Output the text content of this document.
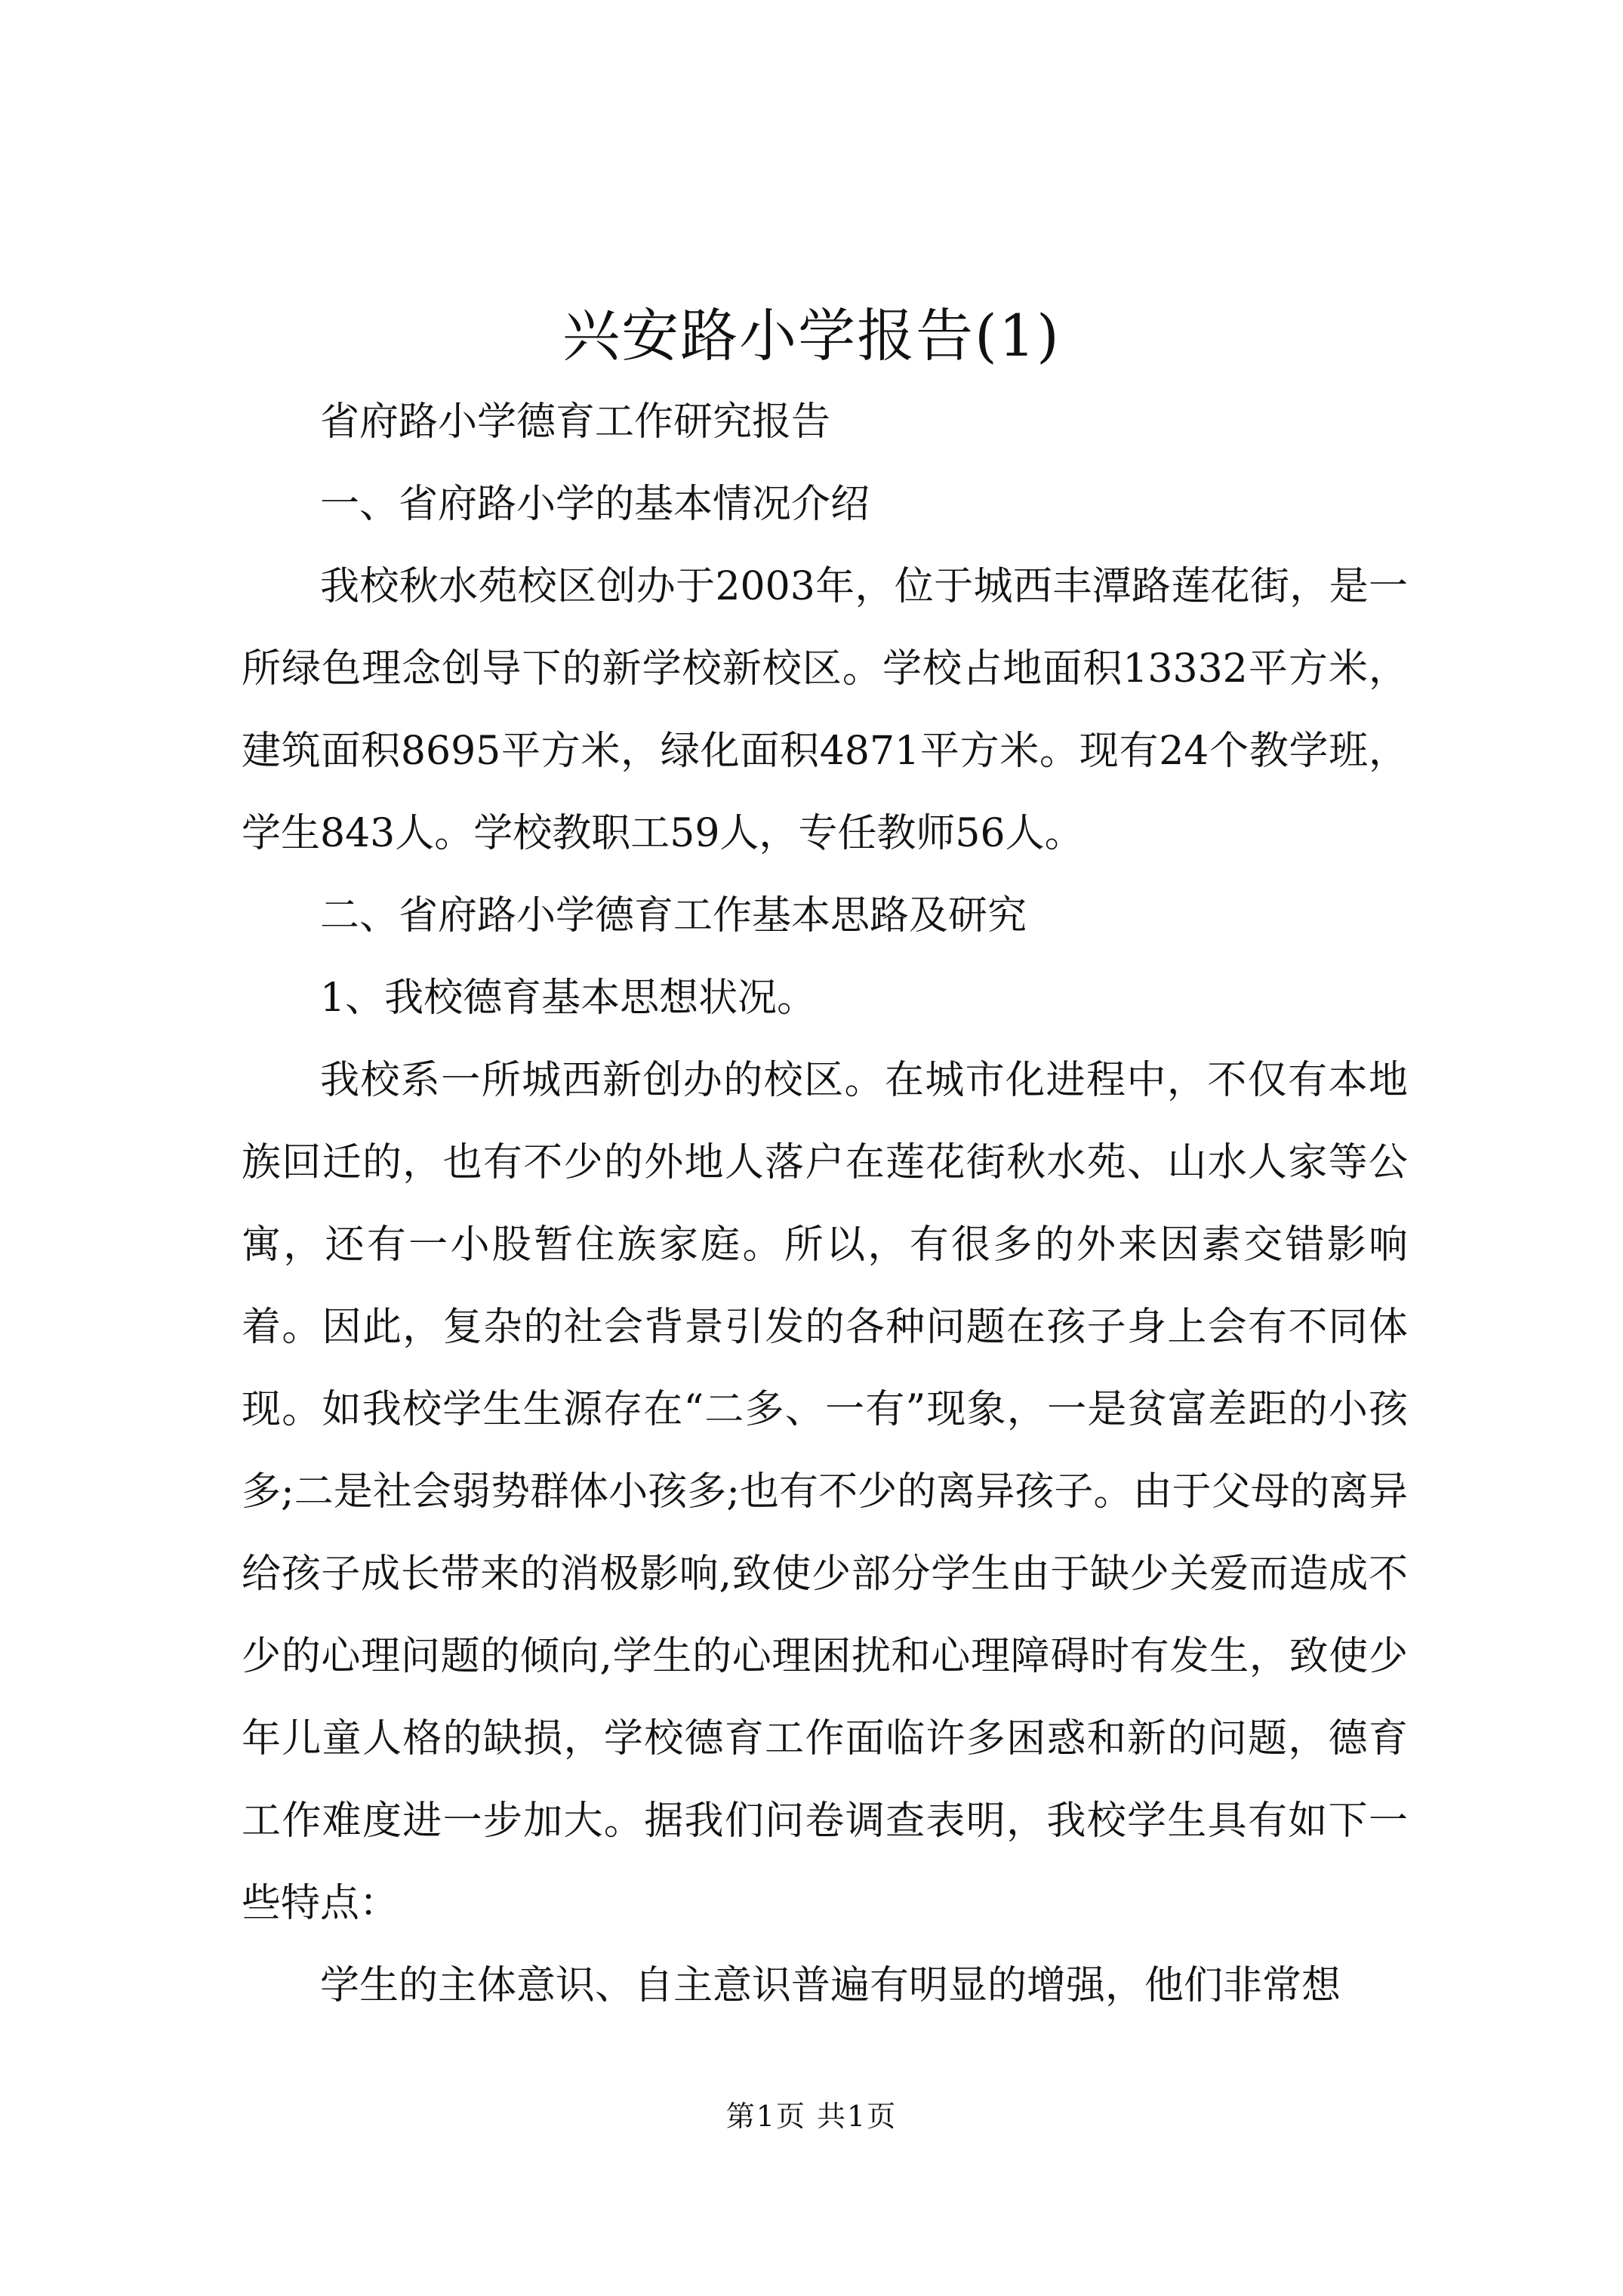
兴安路小学报告(1)

省府路小学德育工作研究报告

一、省府路小学的基本情况介绍

我校秋水苑校区创办于2003年，位于城西丰潭路莲花街，是一所绿色理念创导下的新学校新校区。学校占地面积13332平方米，建筑面积8695平方米，绿化面积4871平方米。现有24个教学班，学生843人。学校教职工59人，专任教师56人。

二、省府路小学德育工作基本思路及研究

1、我校德育基本思想状况。

我校系一所城西新创办的校区。在城市化进程中，不仅有本地族回迁的，也有不少的外地人落户在莲花街秋水苑、山水人家等公寓，还有一小股暂住族家庭。所以，有很多的外来因素交错影响着。因此，复杂的社会背景引发的各种问题在孩子身上会有不同体现。如我校学生生源存在“二多、一有”现象，一是贫富差距的小孩多;二是社会弱势群体小孩多;也有不少的离异孩子。由于父母的离异给孩子成长带来的消极影响,致使少部分学生由于缺少关爱而造成不少的心理问题的倾向,学生的心理困扰和心理障碍时有发生，致使少年儿童人格的缺损，学校德育工作面临许多困惑和新的问题，德育工作难度进一步加大。据我们问卷调查表明，我校学生具有如下一些特点：

学生的主体意识、自主意识普遍有明显的增强，他们非常想

第1页 共1页
